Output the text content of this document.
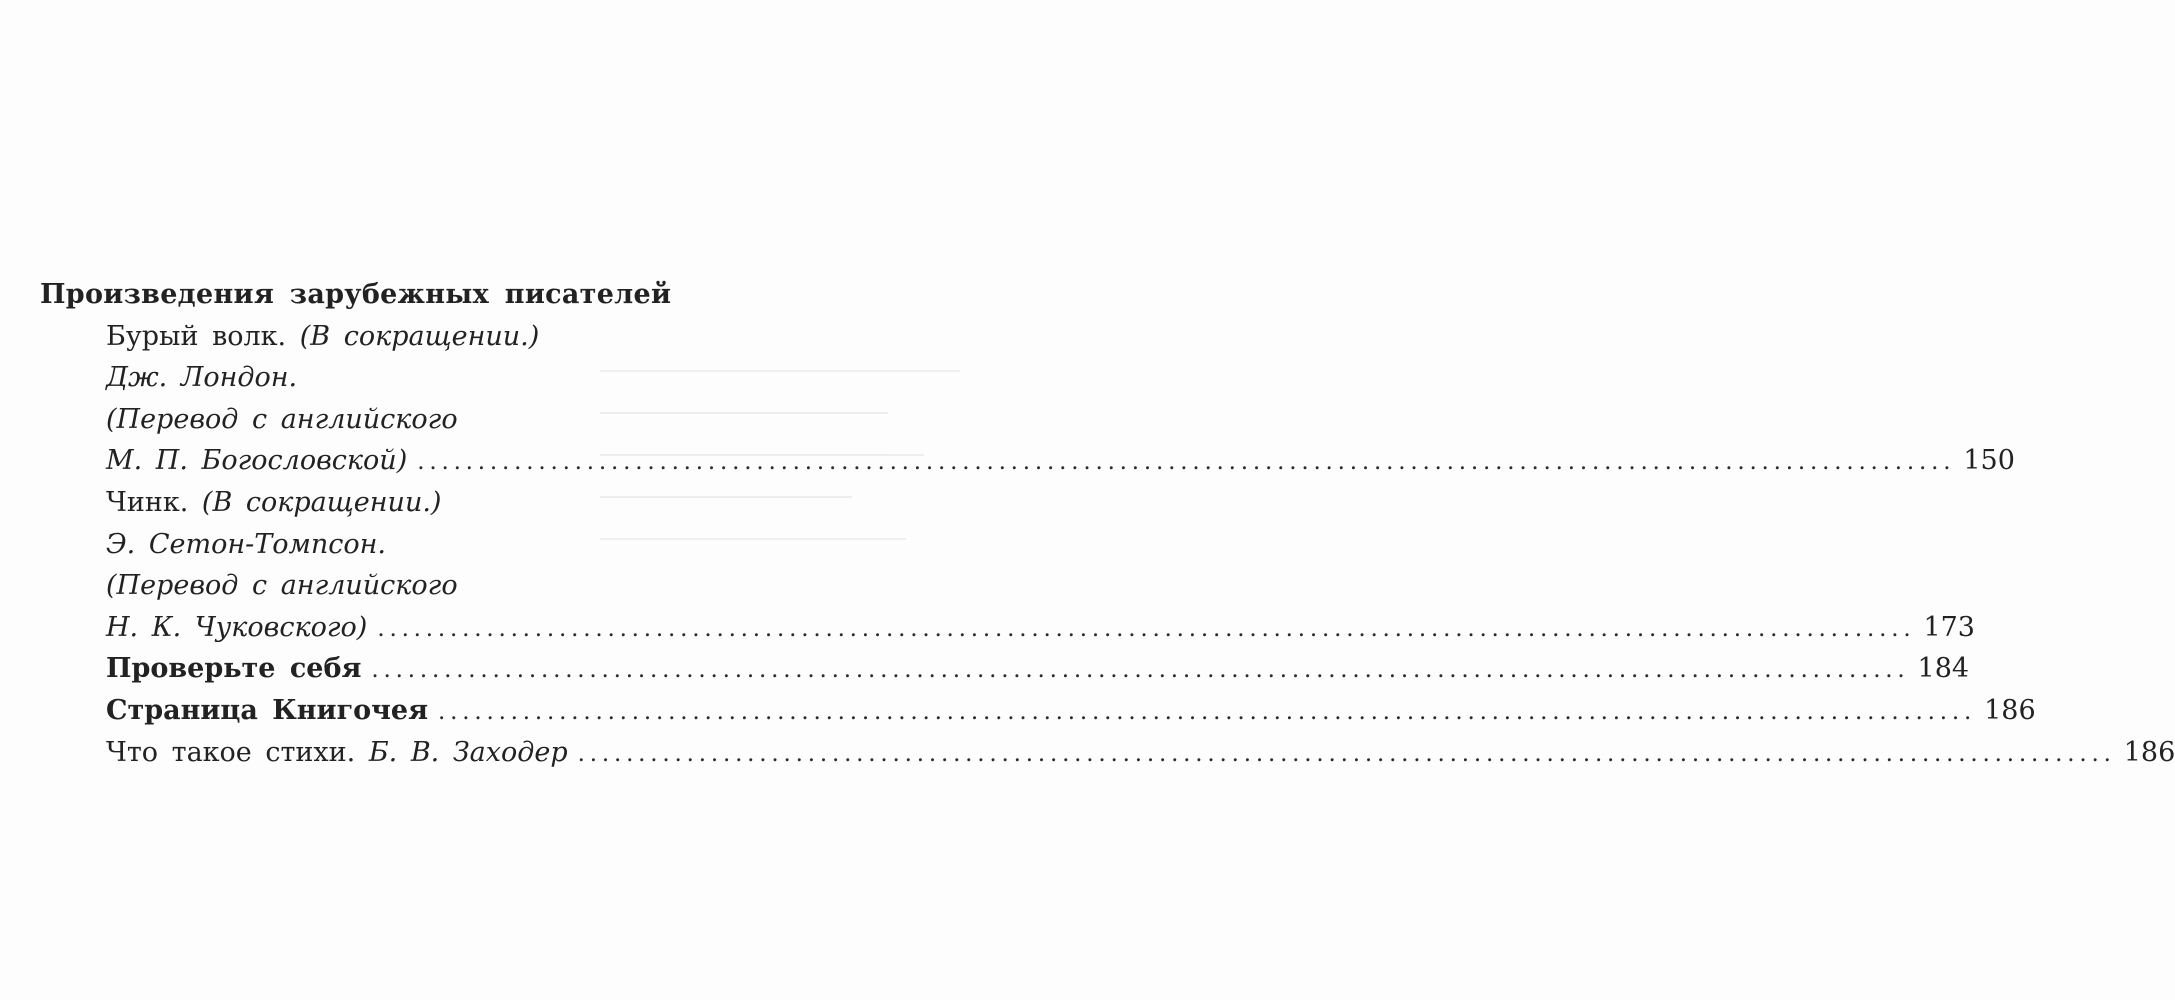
Произведения зарубежных писателей
Бурый волк. (В сокращении.)
Дж. Лондон.
(Перевод с английского
М. П. Богословской) ............................................................................................................................... 150
Чинк. (В сокращении.)
Э. Сетон-Томпсон.
(Перевод с английского
Н. К. Чуковского) ............................................................................................................................... 173
Проверьте себя ............................................................................................................................... 184
Страница Книгочея ............................................................................................................................... 186
Что такое стихи. Б. В. Заходер ............................................................................................................................... 186
